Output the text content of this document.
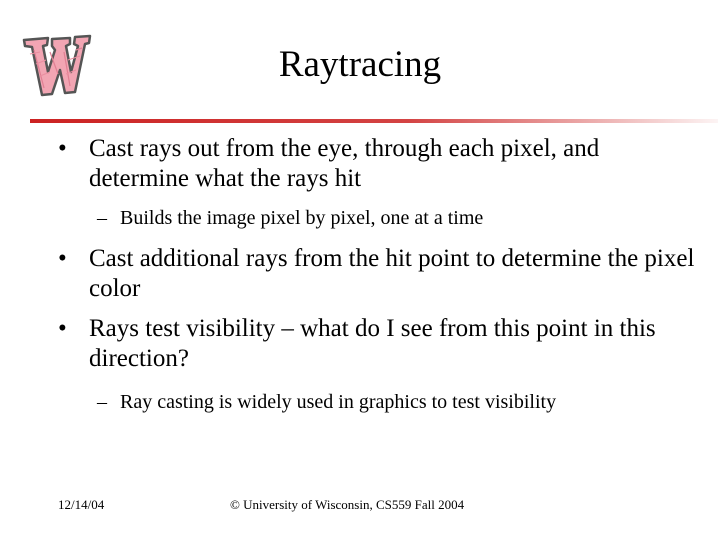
Raytracing
• Cast rays out from the eye, through each pixel, and determine what the rays hit
– Builds the image pixel by pixel, one at a time
• Cast additional rays from the hit point to determine the pixel color
• Rays test visibility – what do I see from this point in this direction?
– Ray casting is widely used in graphics to test visibility
12/14/04	© University of Wisconsin, CS559 Fall 2004
